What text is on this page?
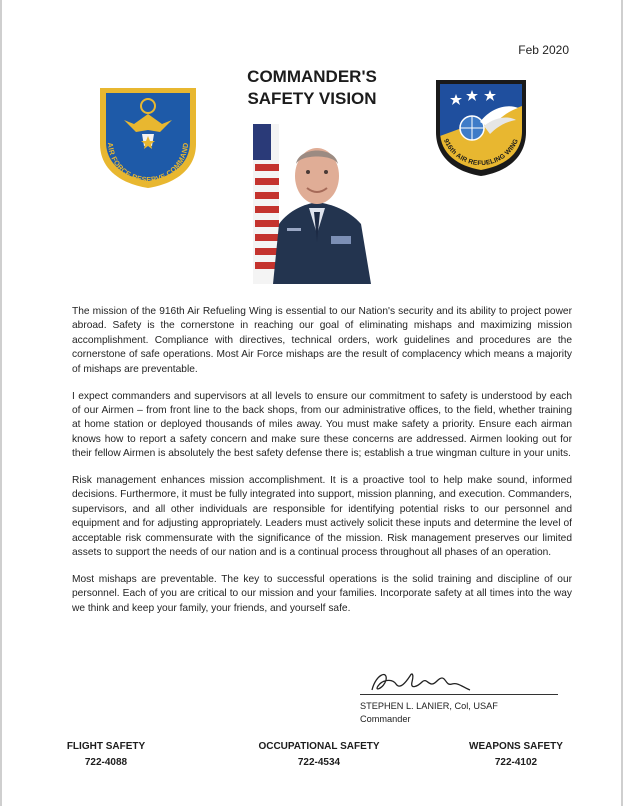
Feb 2020
COMMANDER'S
SAFETY VISION
AIR FORCE RESERVE COMMAND
916th AIR REFUELING WING

The mission of the 916th Air Refueling Wing is essential to our Nation's security and its ability to project power abroad. Safety is the cornerstone in reaching our goal of eliminating mishaps and maximizing mission accomplishment. Compliance with directives, technical orders, work guidelines and procedures are the cornerstone of safe operations. Most Air Force mishaps are the result of complacency which means a majority of mishaps are preventable.

I expect commanders and supervisors at all levels to ensure our commitment to safety is understood by each of our Airmen – from front line to the back shops, from our administrative offices, to the field, whether training at home station or deployed thousands of miles away. You must make safety a priority. Ensure each airman knows how to report a safety concern and make sure these concerns are addressed. Airmen looking out for their fellow Airmen is absolutely the best safety defense there is; establish a true wingman culture in your units.

Risk management enhances mission accomplishment. It is a proactive tool to help make sound, informed decisions. Furthermore, it must be fully integrated into support, mission planning, and execution. Commanders, supervisors, and all other individuals are responsible for identifying potential risks to our personnel and equipment and for adjusting appropriately. Leaders must actively solicit these inputs and determine the level of acceptable risk commensurate with the significance of the mission. Risk management preserves our limited assets to support the needs of our nation and is a continual process throughout all phases of an operation.

Most mishaps are preventable. The key to successful operations is the solid training and discipline of our personnel. Each of you are critical to our mission and your families. Incorporate safety at all times into the way we think and keep your family, your friends, and yourself safe.

STEPHEN L. LANIER, Col, USAF
Commander
FLIGHT SAFETY
722-4088
OCCUPATIONAL SAFETY
722-4534
WEAPONS SAFETY
722-4102
